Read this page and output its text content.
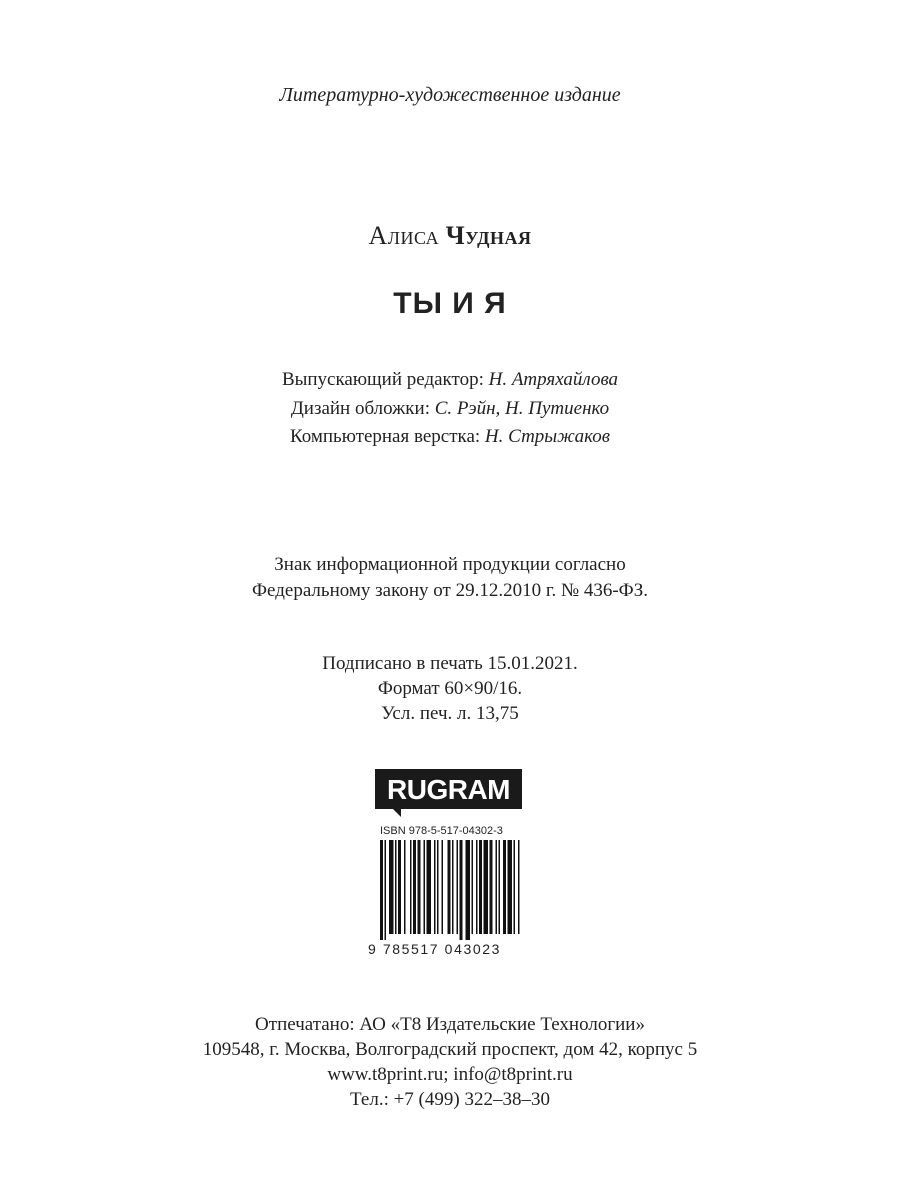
Литературно-художественное издание
Алиса Чудная
ТЫ И Я
Выпускающий редактор: Н. Атряхайлова
Дизайн обложки: С. Рэйн, Н. Путиенко
Компьютерная верстка: Н. Стрыжаков
Знак информационной продукции согласно
Федеральному закону от 29.12.2010 г. № 436-ФЗ.
Подписано в печать 15.01.2021.
Формат 60×90/16.
Усл. печ. л. 13,75
RUGRAM
ISBN 978-5-517-04302-3
9 785517 043023
Отпечатано: АО «Т8 Издательские Технологии»
109548, г. Москва, Волгоградский проспект, дом 42, корпус 5
www.t8print.ru; info@t8print.ru
Тел.: +7 (499) 322–38–30
